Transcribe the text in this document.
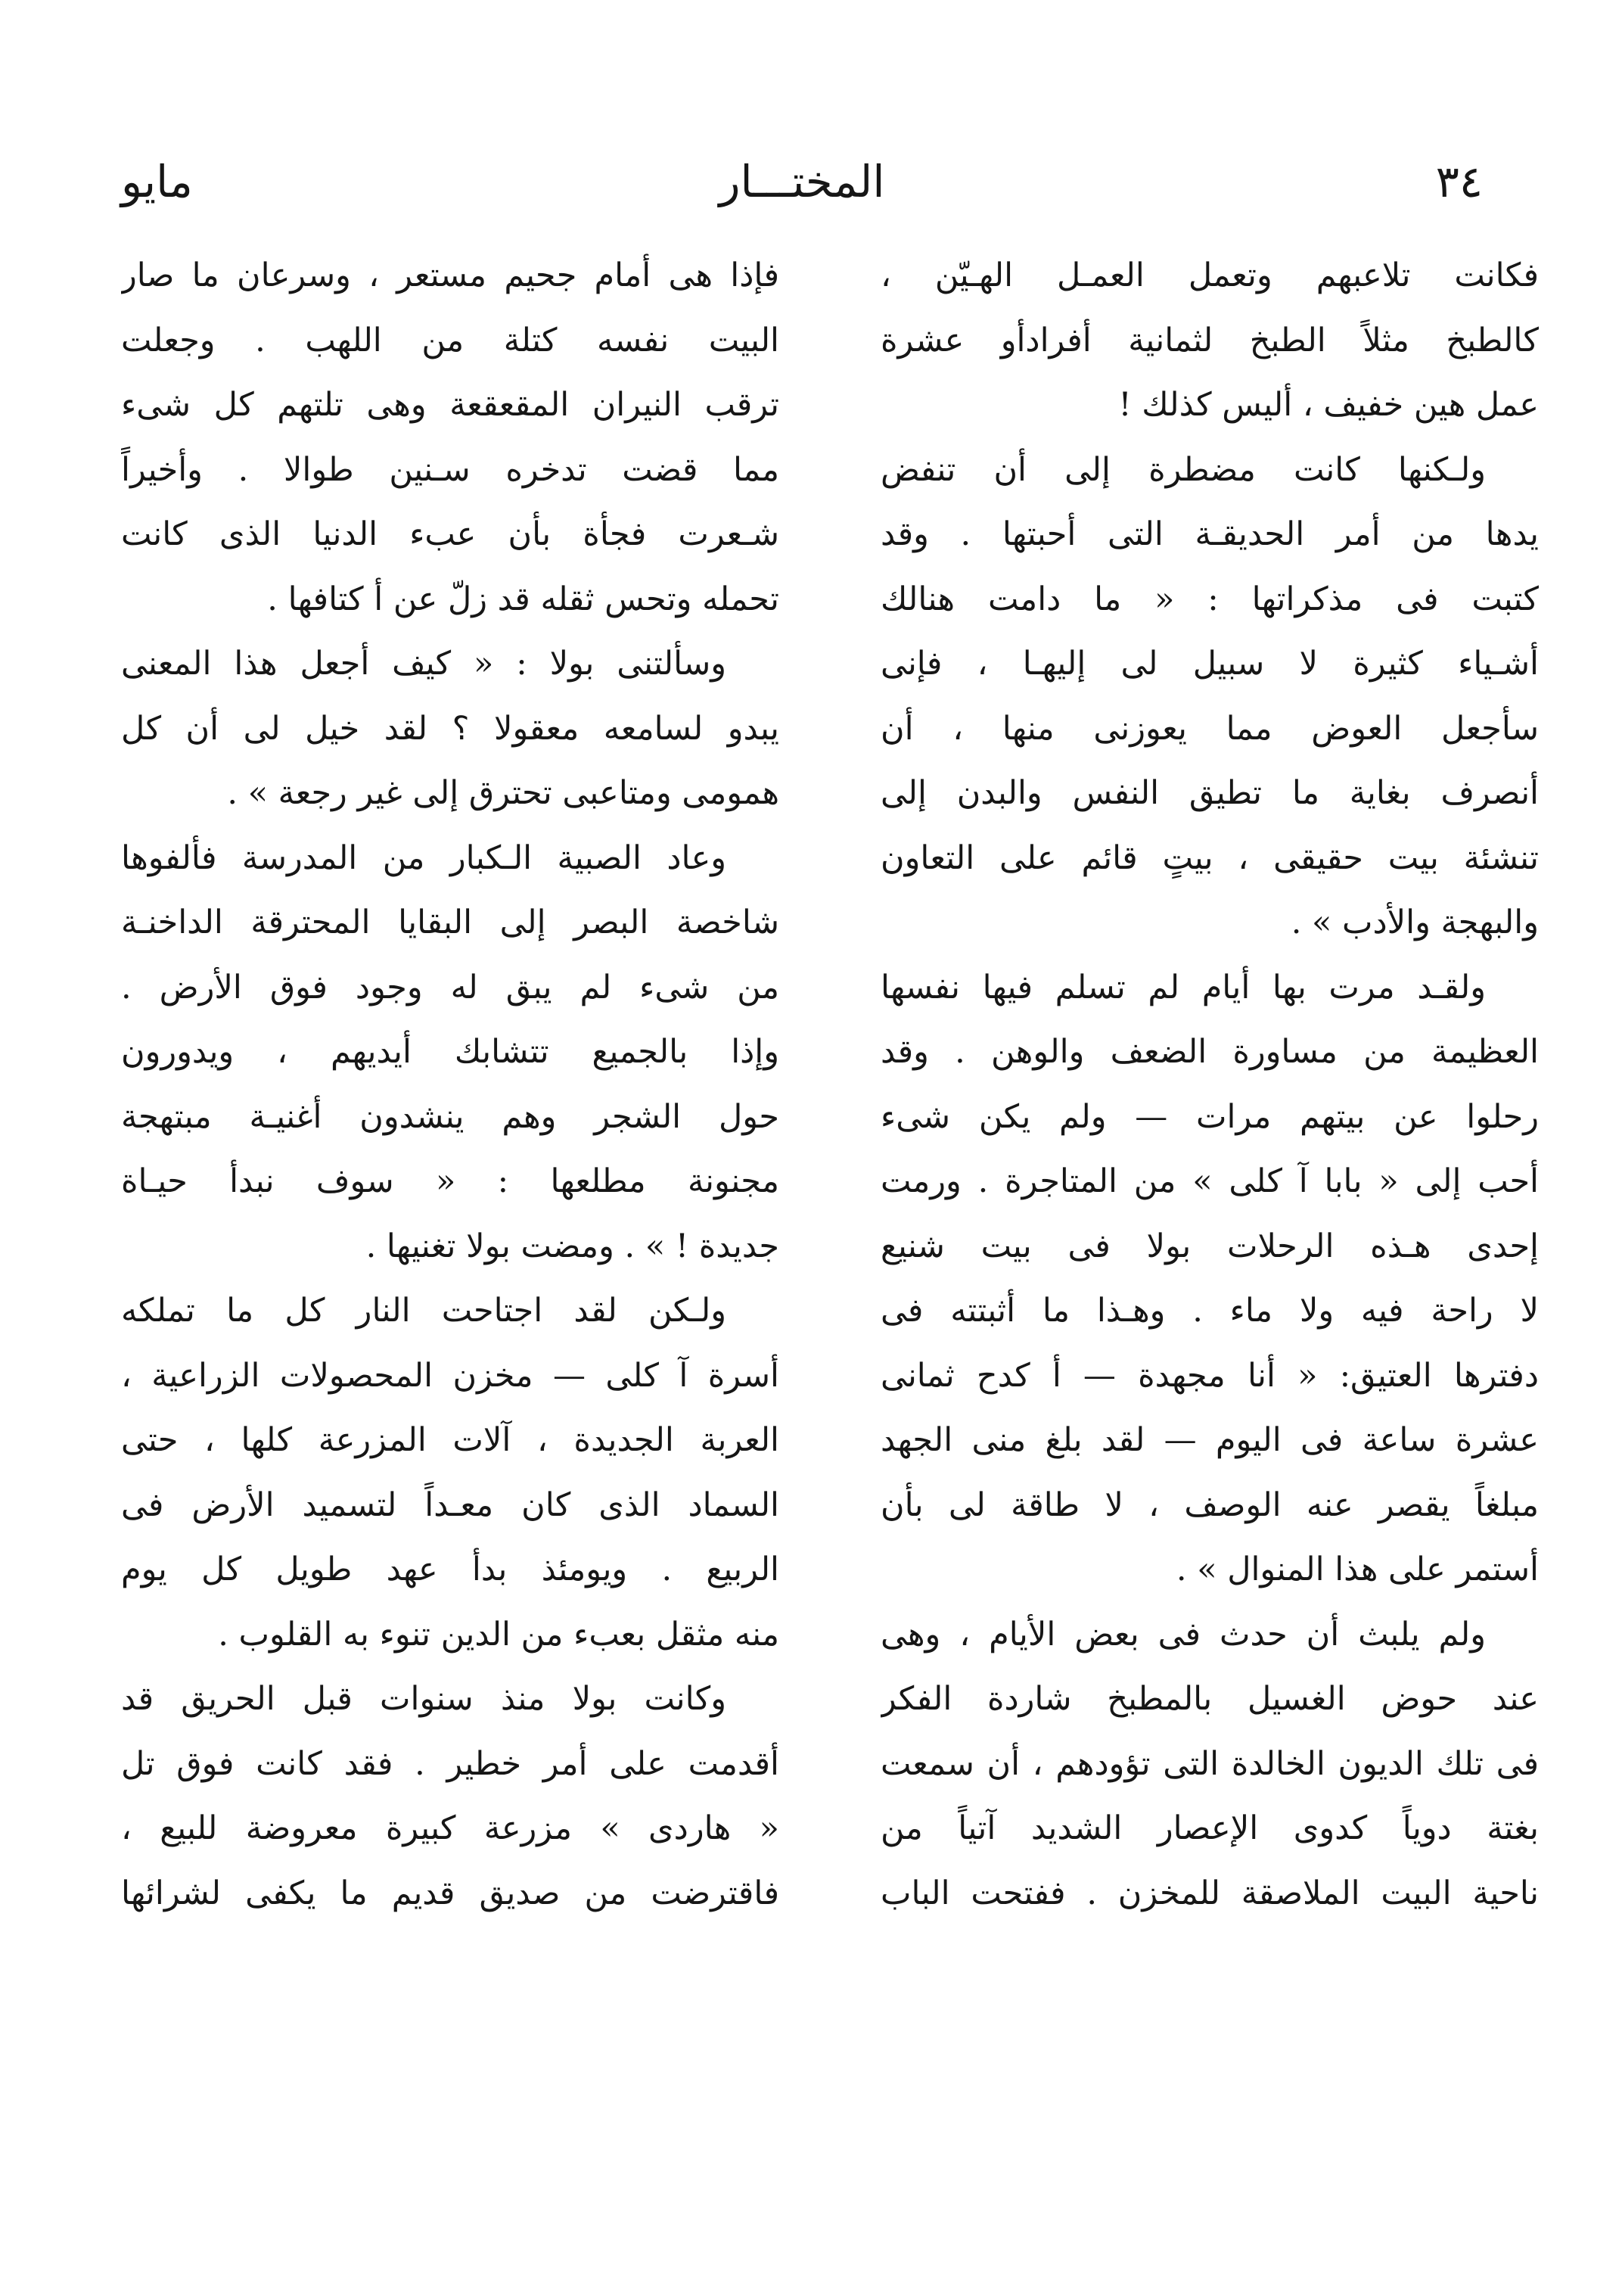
٣٤
المختـــار
مايو
فكانت تلاعبهم وتعمل العمـل الهـيّن ،
كالطبخ مثلاً الطبخ لثمانية أفرادأو عشرة
عمل هين خفيف ، أليس كذلك !
ولـكنها كانت مضطرة إلى أن تنفض
يدها من أمر الحديقـة التى أحبتها . وقد
كتبت فى مذكراتها : « ما دامت هنالك
أشـياء كثيرة لا سبيل لى إليهـا ، فإنى
سأجعل العوض مما يعوزنى منها ، أن
أنصرف بغاية ما تطيق النفس والبدن إلى
تنشئة بيت حقيقى ، بيتٍ قائم على التعاون
والبهجة والأدب » .
ولقـد مرت بها أيام لم تسلم فيها نفسها
العظيمة من مساورة الضعف والوهن . وقد
رحلوا عن بيتهم مرات — ولم يكن شىء
أحب إلى « بابا آ كلى » من المتاجرة . ورمت
إحدى هـذه الرحلات بولا فى بيت شنيع
لا راحة فيه ولا ماء . وهـذا ما أثبتته فى
دفترها العتيق: « أنا مجهدة — أ كدح ثمانى
عشرة ساعة فى اليوم — لقد بلغ منى الجهد
مبلغاً يقصر عنه الوصف ، لا طاقة لى بأن
أستمر على هذا المنوال » .
ولم يلبث أن حدث فى بعض الأيام ، وهى
عند حوض الغسيل بالمطبخ شاردة الفكر
فى تلك الديون الخالدة التى تؤودهم ، أن سمعت
بغتة دوياً كدوى الإعصار الشديد آتياً من
ناحية البيت الملاصقة للمخزن . ففتحت الباب
فإذا هى أمام جحيم مستعر ، وسرعان ما صار
البيت نفسه كتلة من اللهب . وجعلت
ترقب النيران المقعقعة وهى تلتهم كل شىء
مما قضت تدخره سـنين طوالا . وأخيراً
شـعرت فجأة بأن عبء الدنيا الذى كانت
تحمله وتحس ثقله قد زلّ عن أ كتافها .
وسألتنى بولا : « كيف أجعل هذا المعنى
يبدو لسامعه معقولا ؟ لقد خيل لى أن كل
همومى ومتاعبى تحترق إلى غير رجعة » .
وعاد الصبية الـكبار من المدرسة فألفوها
شاخصة البصر إلى البقايا المحترقة الداخنـة
من شىء لم يبق له وجود فوق الأرض .
وإذا بالجميع تتشابك أيديهم ، ويدورون
حول الشجر وهم ينشدون أغنيـة مبتهجة
مجنونة مطلعها : « سوف نبدأ حيـاة
جديدة ! » . ومضت بولا تغنيها .
ولـكن لقد اجتاحت النار كل ما تملكه
أسرة آ كلى — مخزن المحصولات الزراعية ،
العربة الجديدة ، آلات المزرعة كلها ، حتى
السماد الذى كان معـداً لتسميد الأرض فى
الربيع . ويومئذ بدأ عهد طويل كل يوم
منه مثقل بعبء من الدين تنوء به القلوب .
وكانت بولا منذ سنوات قبل الحريق قد
أقدمت على أمر خطير . فقد كانت فوق تل
« هاردى » مزرعة كبيرة معروضة للبيع ،
فاقترضت من صديق قديم ما يكفى لشرائها
